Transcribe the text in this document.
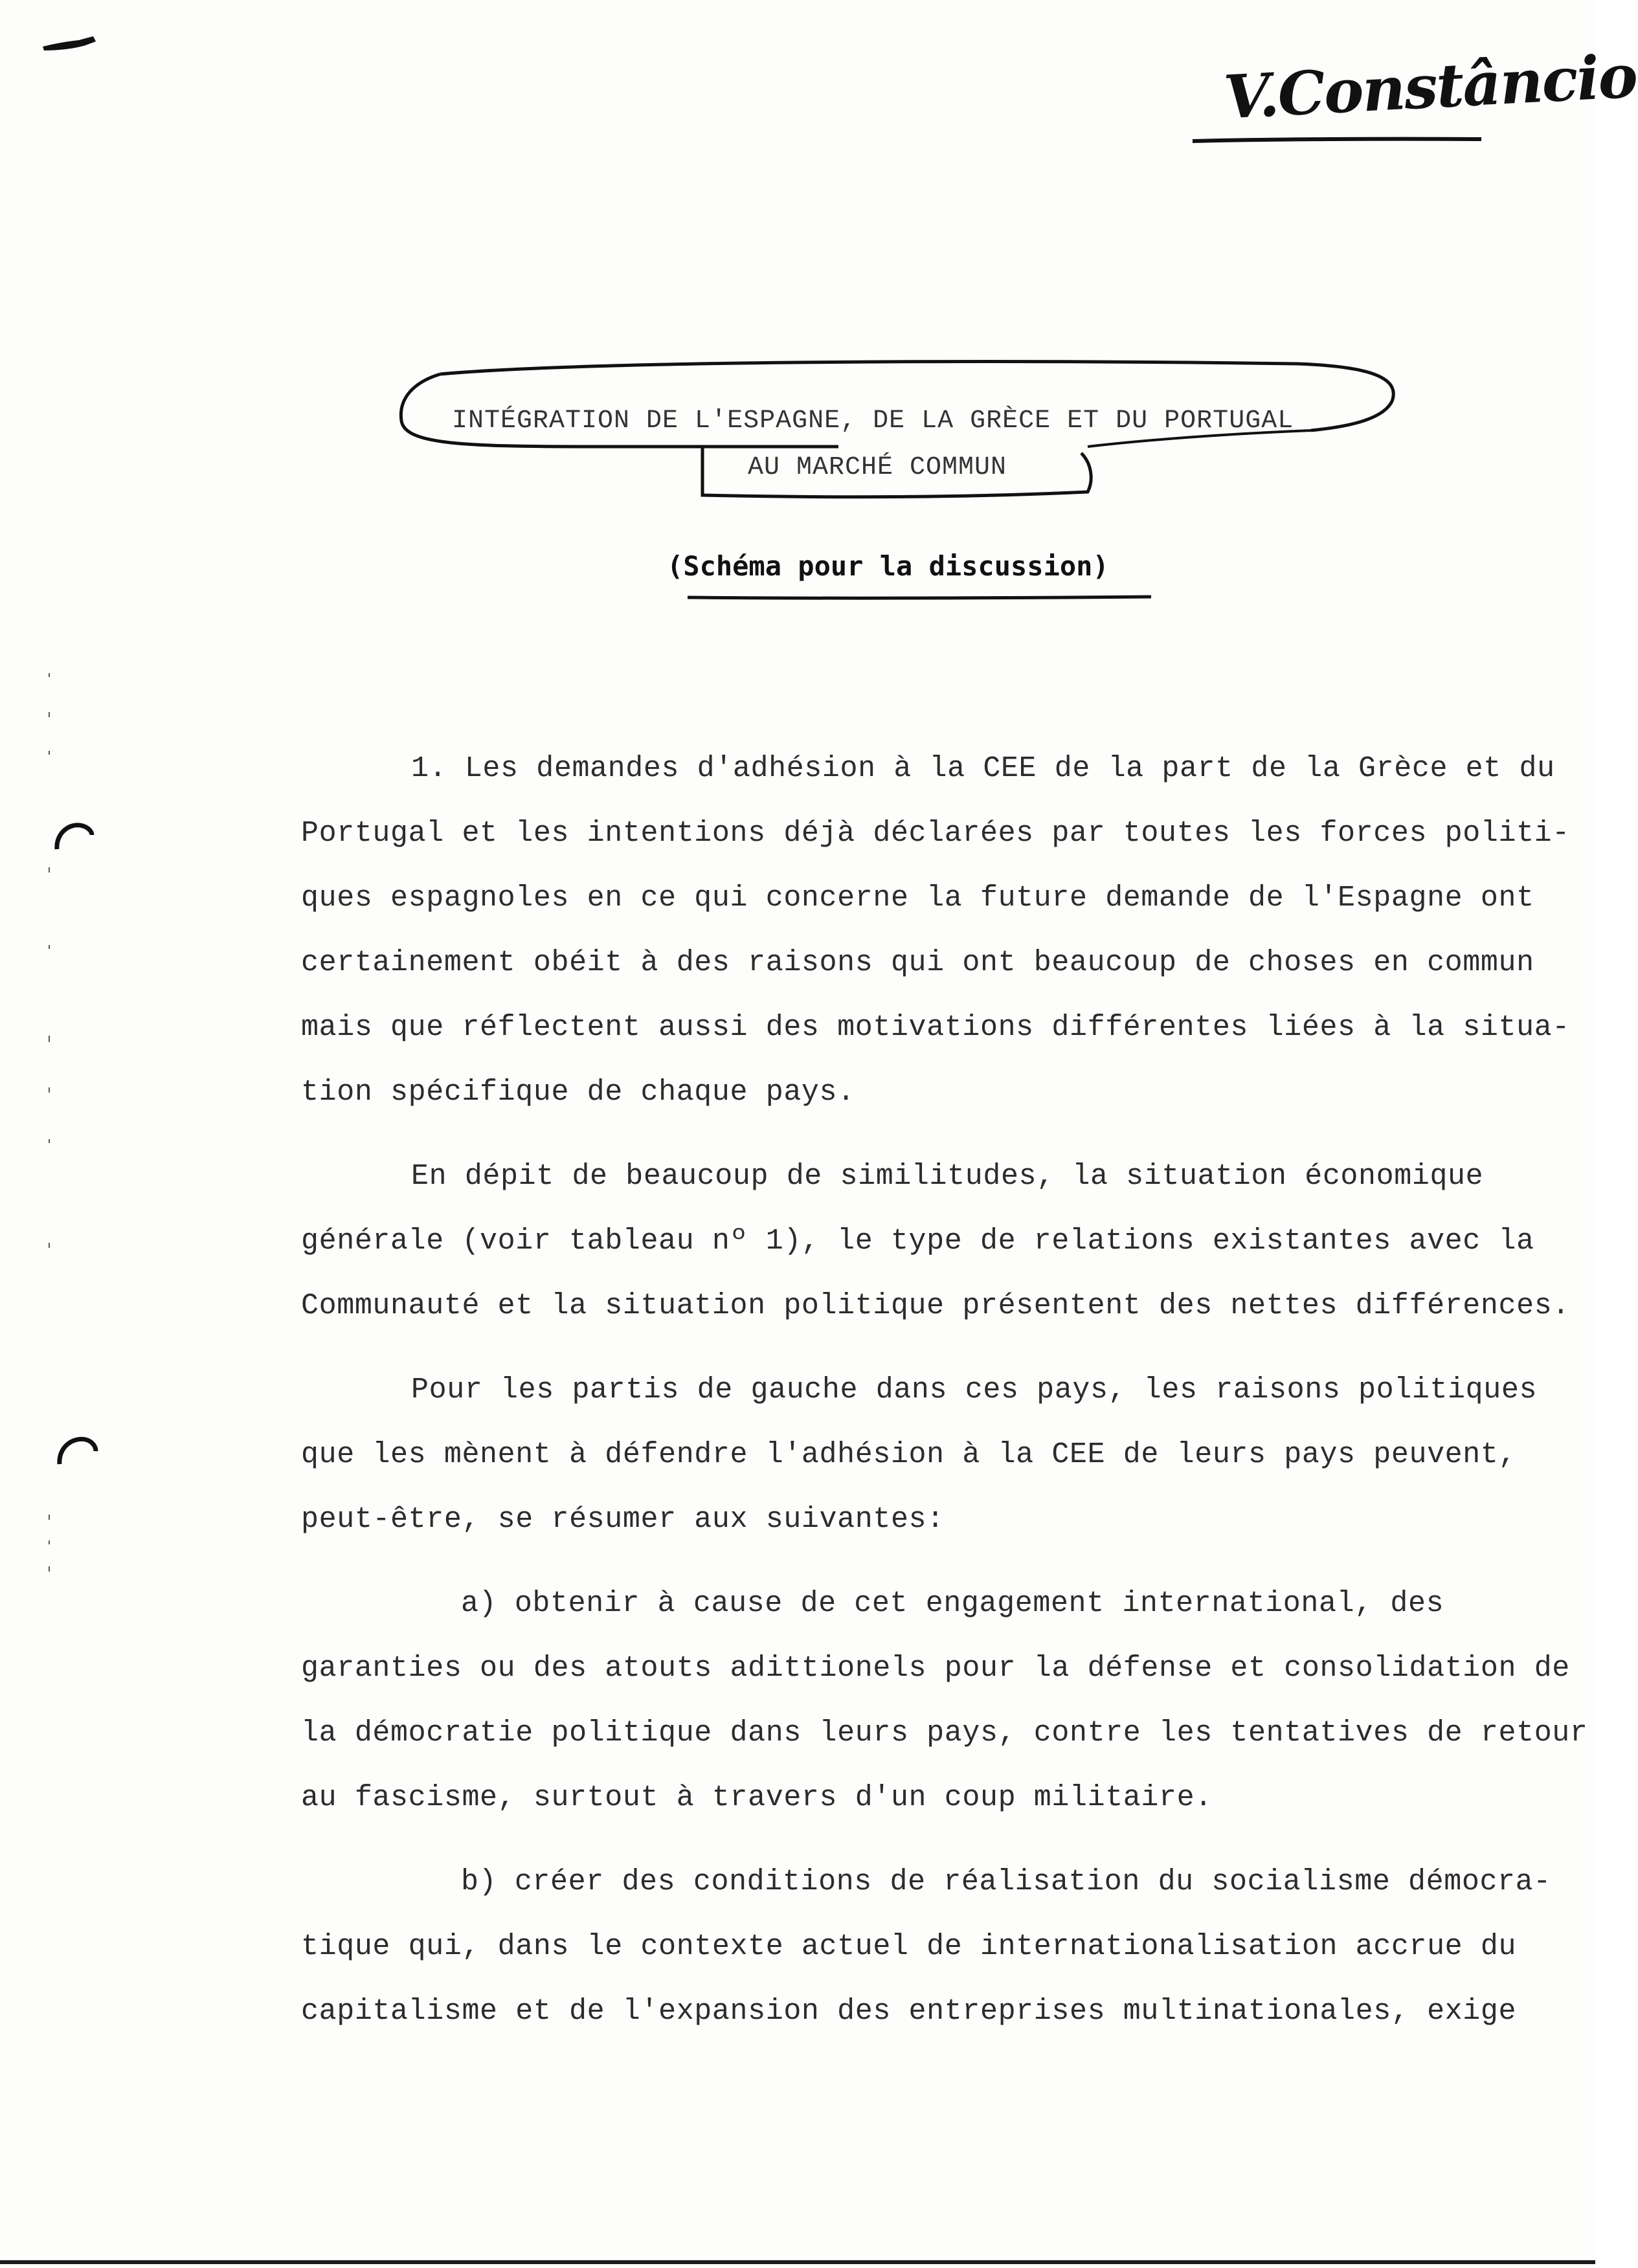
V.Constâncio
INTÉGRATION DE L'ESPAGNE, DE LA GRÈCE ET DU PORTUGAL
AU MARCHÉ COMMUN
(Schéma pour la discussion)
1. Les demandes d'adhésion à la CEE de la part de la Grèce et du
Portugal et les intentions déjà déclarées par toutes les forces politi-
ques espagnoles en ce qui concerne la future demande de l'Espagne ont
certainement obéit à des raisons qui ont beaucoup de choses en commun
mais que réflectent aussi des motivations différentes liées à la situa-
tion spécifique de chaque pays.
En dépit de beaucoup de similitudes, la situation économique
générale (voir tableau nº 1), le type de relations existantes avec la
Communauté et la situation politique présentent des nettes différences.
Pour les partis de gauche dans ces pays, les raisons politiques
que les mènent à défendre l'adhésion à la CEE de leurs pays peuvent,
peut-être, se résumer aux suivantes:
a) obtenir à cause de cet engagement international, des
garanties ou des atouts adittionels pour la défense et consolidation de
la démocratie politique dans leurs pays, contre les tentatives de retour
au fascisme, surtout à travers d'un coup militaire.
b) créer des conditions de réalisation du socialisme démocra-
tique qui, dans le contexte actuel de internationalisation accrue du
capitalisme et de l'expansion des entreprises multinationales, exige
